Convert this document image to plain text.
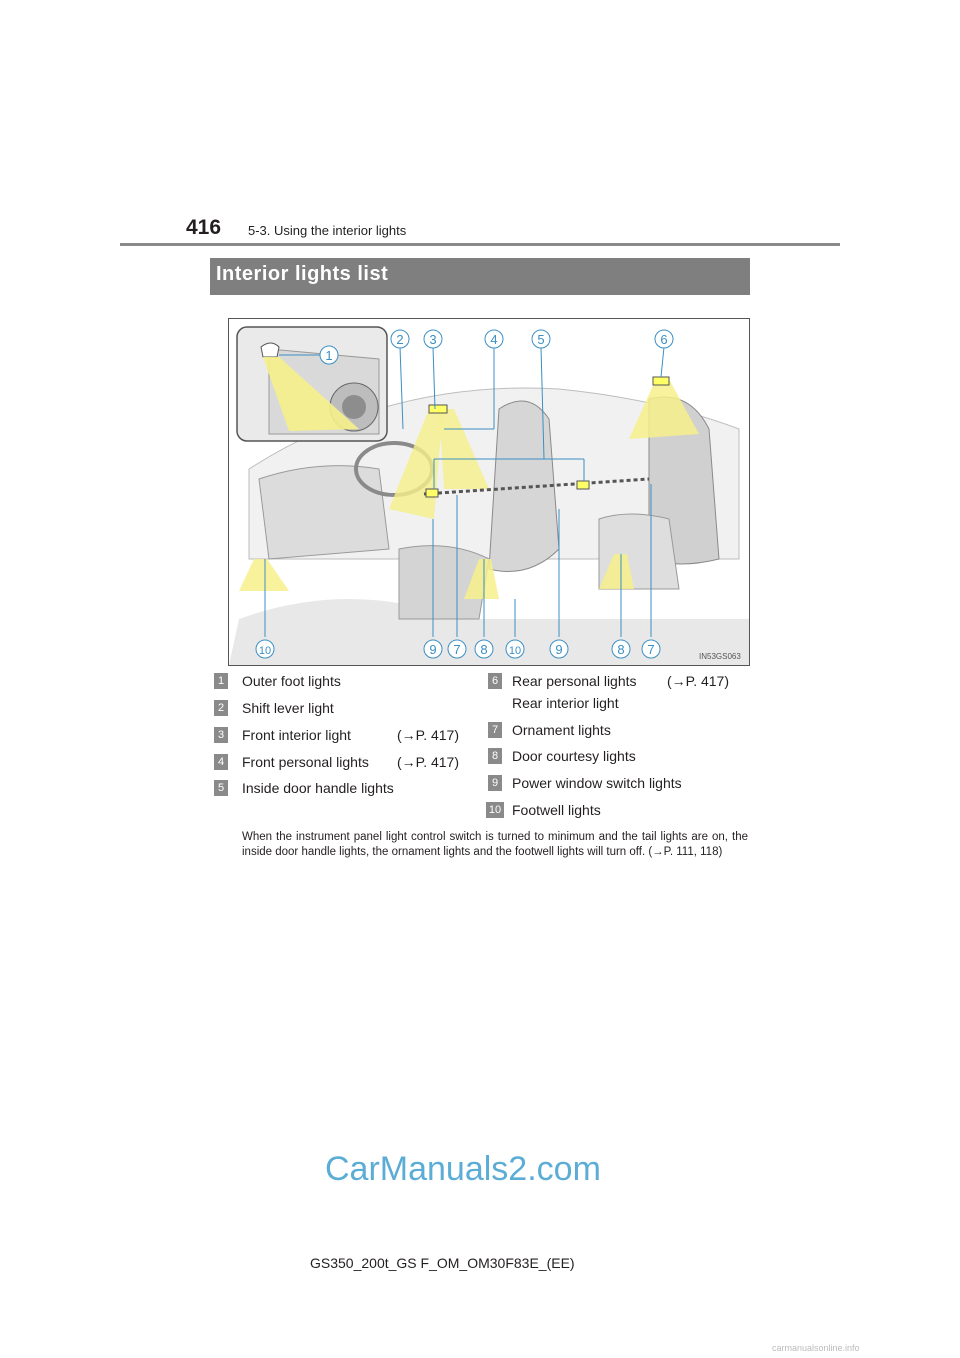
416 5-3. Using the interior lights
Interior lights list
1
2 3	4	5	6
10	9 7 8 10	9	8 7	IN53GS063
1 Outer foot lights
2 Shift lever light
3 Front interior light	(→P. 417)
4 Front personal lights (→P. 417)
5 Inside door handle lights
6 Rear personal lights (→P. 417)
Rear interior light
7 Ornament lights
8 Door courtesy lights
9 Power window switch lights
10 Footwell lights
When the instrument panel light control switch is turned to minimum and the tail lights are on, the inside door handle lights, the ornament lights and the footwell lights will turn off. (→P. 111, 118)
CarManuals2.com
GS350_200t_GS F_OM_OM30F83E_(EE)
carmanualsonline.info
